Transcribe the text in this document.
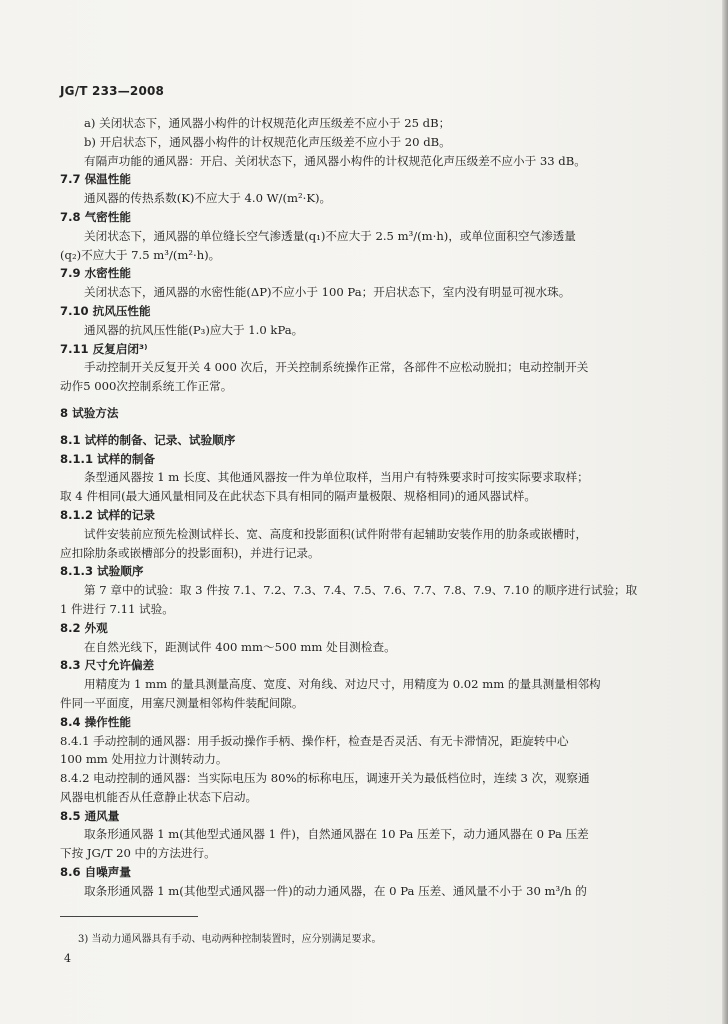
JG/T 233—2008
a) 关闭状态下，通风器小构件的计权规范化声压级差不应小于 25 dB；
b) 开启状态下，通风器小构件的计权规范化声压级差不应小于 20 dB。
有隔声功能的通风器：开启、关闭状态下，通风器小构件的计权规范化声压级差不应小于 33 dB。
7.7 保温性能
通风器的传热系数(K)不应大于 4.0 W/(m²·K)。
7.8 气密性能
关闭状态下，通风器的单位缝长空气渗透量(q₁)不应大于 2.5 m³/(m·h)，或单位面积空气渗透量
(q₂)不应大于 7.5 m³/(m²·h)。
7.9 水密性能
关闭状态下，通风器的水密性能(ΔP)不应小于 100 Pa；开启状态下，室内没有明显可视水珠。
7.10 抗风压性能
通风器的抗风压性能(P₃)应大于 1.0 kPa。
7.11 反复启闭³⁾
手动控制开关反复开关 4 000 次后，开关控制系统操作正常，各部件不应松动脱扣；电动控制开关
动作5 000次控制系统工作正常。
8 试验方法
8.1 试样的制备、记录、试验顺序
8.1.1 试样的制备
条型通风器按 1 m 长度、其他通风器按一件为单位取样，当用户有特殊要求时可按实际要求取样；
取 4 件相同(最大通风量相同及在此状态下具有相同的隔声量极限、规格相同)的通风器试样。
8.1.2 试样的记录
试件安装前应预先检测试样长、宽、高度和投影面积(试件附带有起辅助安装作用的肋条或嵌槽时，
应扣除肋条或嵌槽部分的投影面积)，并进行记录。
8.1.3 试验顺序
第 7 章中的试验：取 3 件按 7.1、7.2、7.3、7.4、7.5、7.6、7.7、7.8、7.9、7.10 的顺序进行试验；取
1 件进行 7.11 试验。
8.2 外观
在自然光线下，距测试件 400 mm～500 mm 处目测检查。
8.3 尺寸允许偏差
用精度为 1 mm 的量具测量高度、宽度、对角线、对边尺寸，用精度为 0.02 mm 的量具测量相邻构
件同一平面度，用塞尺测量相邻构件装配间隙。
8.4 操作性能
8.4.1 手动控制的通风器：用手扳动操作手柄、操作杆，检查是否灵活、有无卡滞情况，距旋转中心
100 mm 处用拉力计测转动力。
8.4.2 电动控制的通风器：当实际电压为 80%的标称电压，调速开关为最低档位时，连续 3 次，观察通
风器电机能否从任意静止状态下启动。
8.5 通风量
取条形通风器 1 m(其他型式通风器 1 件)，自然通风器在 10 Pa 压差下，动力通风器在 0 Pa 压差
下按 JG/T 20 中的方法进行。
8.6 自噪声量
取条形通风器 1 m(其他型式通风器一件)的动力通风器，在 0 Pa 压差、通风量不小于 30 m³/h 的
3) 当动力通风器具有手动、电动两种控制装置时，应分别满足要求。
4
